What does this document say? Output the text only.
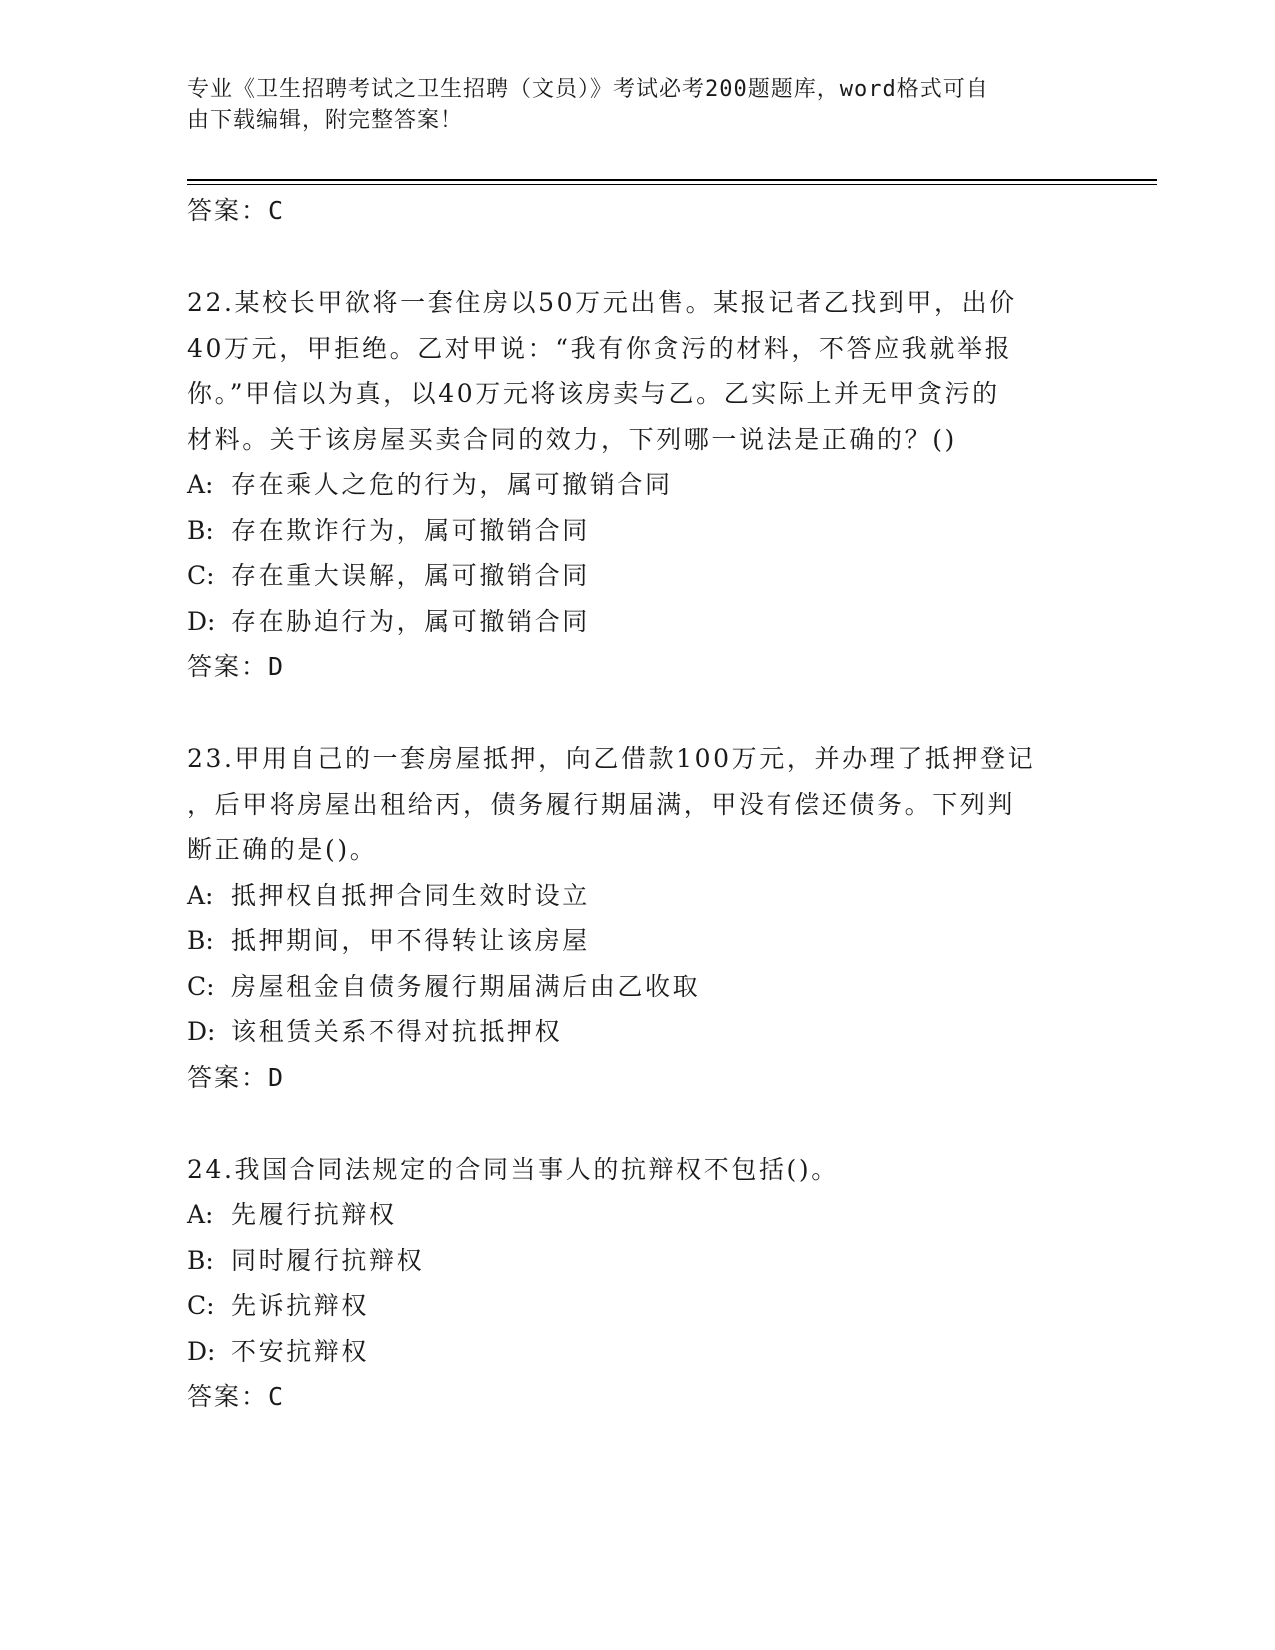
专业《卫生招聘考试之卫生招聘（文员）》考试必考200题题库，word格式可自
由下载编辑，附完整答案！
答案：C
22.某校长甲欲将一套住房以50万元出售。某报记者乙找到甲，出价
40万元，甲拒绝。乙对甲说：“我有你贪污的材料，不答应我就举报
你。”甲信以为真，以40万元将该房卖与乙。乙实际上并无甲贪污的
材料。关于该房屋买卖合同的效力，下列哪一说法是正确的？()
A: 存在乘人之危的行为，属可撤销合同
B: 存在欺诈行为，属可撤销合同
C: 存在重大误解，属可撤销合同
D: 存在胁迫行为，属可撤销合同
答案：D
23.甲用自己的一套房屋抵押，向乙借款100万元，并办理了抵押登记
，后甲将房屋出租给丙，债务履行期届满，甲没有偿还债务。下列判
断正确的是()。
A: 抵押权自抵押合同生效时设立
B: 抵押期间，甲不得转让该房屋
C: 房屋租金自债务履行期届满后由乙收取
D: 该租赁关系不得对抗抵押权
答案：D
24.我国合同法规定的合同当事人的抗辩权不包括()。
A: 先履行抗辩权
B: 同时履行抗辩权
C: 先诉抗辩权
D: 不安抗辩权
答案：C
